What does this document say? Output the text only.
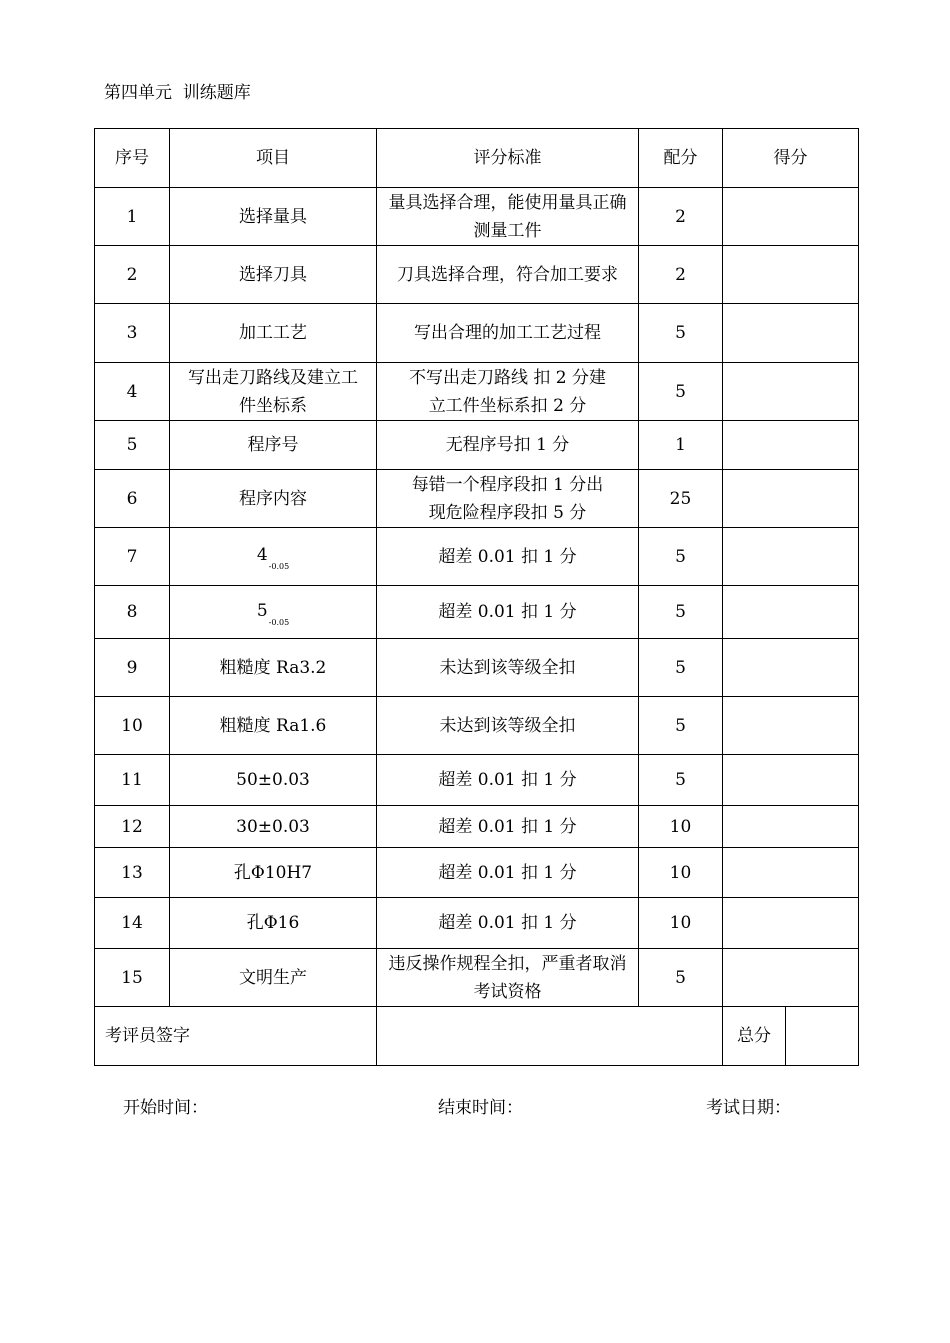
第四单元  训练题库
序号	项目	评分标准	配分	得分	
1	选择量具	量具选择合理，能使用量具正确测量工件	2		
2	选择刀具	刀具选择合理，符合加工要求	2		
3	加工工艺	写出合理的加工工艺过程	5		
4	写出走刀路线及建立工件坐标系	不写出走刀路线 扣 2 分建立工件坐标系扣 2 分	5		
5	程序号	无程序号扣 1 分	1		
6	程序内容	每错一个程序段扣 1 分出现危险程序段扣 5 分	25		
7	$4_{-0.05}$	超差 0.01 扣 1 分	5		
8	$5_{-0.05}$	超差 0.01 扣 1 分	5		
9	粗糙度 Ra3.2	未达到该等级全扣	5		
10	粗糙度 Ra1.6	未达到该等级全扣	5		
11	50±0.03	超差 0.01 扣 1 分	5		
12	30±0.03	超差 0.01 扣 1 分	10		
13	孔Φ10H7	超差 0.01 扣 1 分	10		
14	孔Φ16	超差 0.01 扣 1 分	10		
15	文明生产	违反操作规程全扣，严重者取消考试资格	5		
考评员签字				总分	
开始时间：	结束时间：	考试日期：
